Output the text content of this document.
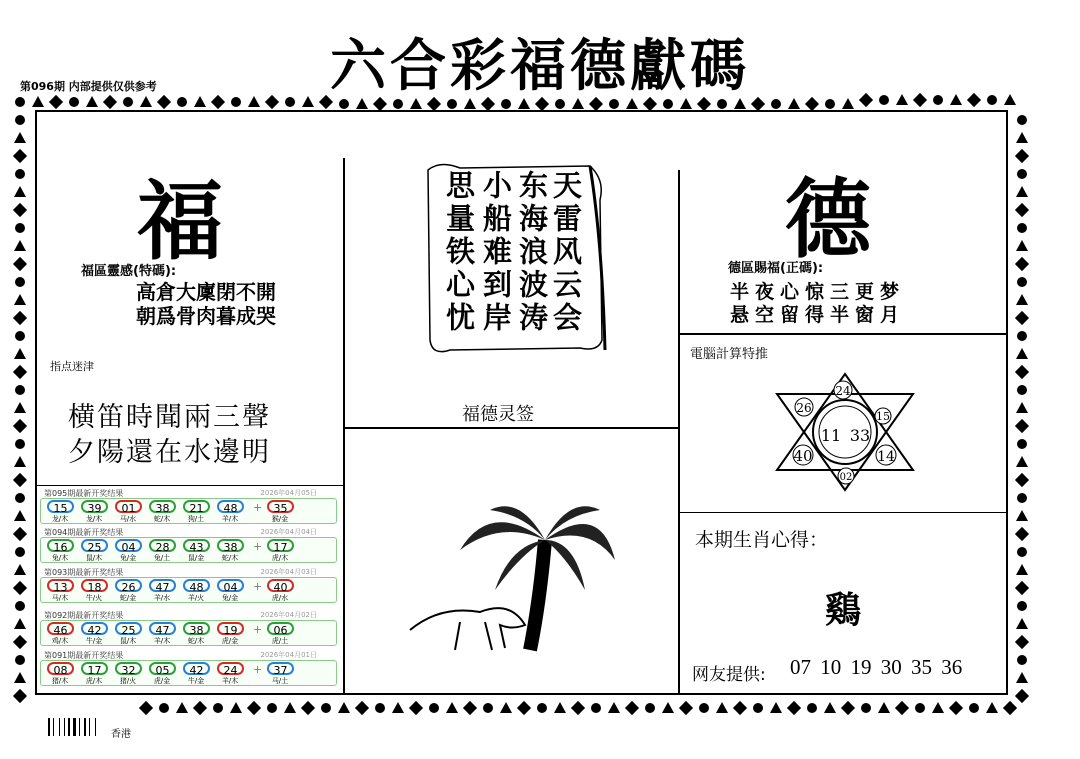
六合彩福德獻碼
第096期 内部提供仅供参考
福
福區靈感(特碼):
高倉大廩閉不開
朝爲骨肉暮成哭
指点迷津
横笛時聞兩三聲
夕陽還在水邊明
天雷风云会
东海浪波涛
小船难到岸
思量铁心忧
福德灵签
德
德區賜福(正碼):
半夜心惊三更梦
悬空留得半窗月
電腦計算特推
24
26
15
11 33
40	14
02
本期生肖心得：
鷄
网友提供: 07 10 19 30 35 36
第095期最新开奖结果	2026年04月05日
15
龙/木
39
龙/木
01
马/水
38
蛇/木
21
狗/土
48
羊/木
+	35
猴/金
第094期最新开奖结果	2026年04月04日
16
兔/木
25
鼠/木
04
兔/金
28
兔/土
43
鼠/金
38
蛇/木
+	17
虎/木
第093期最新开奖结果	2026年04月03日
13
马/木
18
牛/火
26
蛇/金
47
羊/水
48
羊/火
04
兔/金
+	40
虎/水
第092期最新开奖结果	2026年04月02日
46
鸡/木
42
牛/金
25
鼠/木
47
羊/木
38
蛇/木
19
虎/金
+	06
虎/土
第091期最新开奖结果	2026年04月01日
08
猪/木
17
虎/木
32
猪/火
05
虎/金
42
牛/金
24
羊/木
+	37
马/土
香港
